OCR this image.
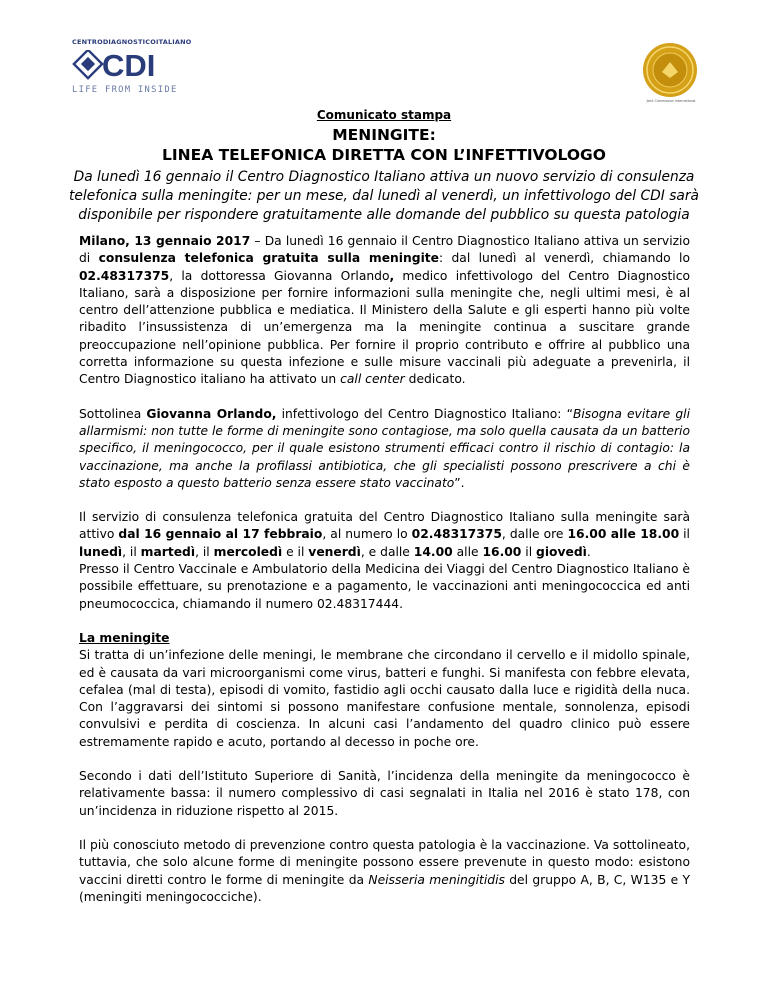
CENTRODIAGNOSTICOITALIANO
CDI
LIFE FROM INSIDE
Joint Commission International
Comunicato stampa
MENINGITE:
LINEA TELEFONICA DIRETTA CON L’INFETTIVOLOGO
Da lunedì 16 gennaio il Centro Diagnostico Italiano attiva un nuovo servizio di consulenza telefonica sulla meningite: per un mese, dal lunedì al venerdì, un infettivologo del CDI sarà disponibile per rispondere gratuitamente alle domande del pubblico su questa patologia

Milano, 13 gennaio 2017 – Da lunedì 16 gennaio il Centro Diagnostico Italiano attiva un servizio di consulenza telefonica gratuita sulla meningite: dal lunedì al venerdì, chiamando lo 02.48317375, la dottoressa Giovanna Orlando, medico infettivologo del Centro Diagnostico Italiano, sarà a disposizione per fornire informazioni sulla meningite che, negli ultimi mesi, è al centro dell’attenzione pubblica e mediatica. Il Ministero della Salute e gli esperti hanno più volte ribadito l’insussistenza di un’emergenza ma la meningite continua a suscitare grande preoccupazione nell’opinione pubblica. Per fornire il proprio contributo e offrire al pubblico una corretta informazione su questa infezione e sulle misure vaccinali più adeguate a prevenirla, il Centro Diagnostico italiano ha attivato un call center dedicato.

Sottolinea Giovanna Orlando, infettivologo del Centro Diagnostico Italiano: “Bisogna evitare gli allarmismi: non tutte le forme di meningite sono contagiose, ma solo quella causata da un batterio specifico, il meningococco, per il quale esistono strumenti efficaci contro il rischio di contagio: la vaccinazione, ma anche la profilassi antibiotica, che gli specialisti possono prescrivere a chi è stato esposto a questo batterio senza essere stato vaccinato”.

Il servizio di consulenza telefonica gratuita del Centro Diagnostico Italiano sulla meningite sarà attivo dal 16 gennaio al 17 febbraio, al numero lo 02.48317375, dalle ore 16.00 alle 18.00 il lunedì, il martedì, il mercoledì e il venerdì, e dalle 14.00 alle 16.00 il giovedì.
Presso il Centro Vaccinale e Ambulatorio della Medicina dei Viaggi del Centro Diagnostico Italiano è possibile effettuare, su prenotazione e a pagamento, le vaccinazioni anti meningococcica ed anti pneumococcica, chiamando il numero 02.48317444.

La meningite
Si tratta di un’infezione delle meningi, le membrane che circondano il cervello e il midollo spinale, ed è causata da vari microorganismi come virus, batteri e funghi. Si manifesta con febbre elevata, cefalea (mal di testa), episodi di vomito, fastidio agli occhi causato dalla luce e rigidità della nuca. Con l’aggravarsi dei sintomi si possono manifestare confusione mentale, sonnolenza, episodi convulsivi e perdita di coscienza. In alcuni casi l’andamento del quadro clinico può essere estremamente rapido e acuto, portando al decesso in poche ore.

Secondo i dati dell’Istituto Superiore di Sanità, l’incidenza della meningite da meningococco è relativamente bassa: il numero complessivo di casi segnalati in Italia nel 2016 è stato 178, con un’incidenza in riduzione rispetto al 2015.

Il più conosciuto metodo di prevenzione contro questa patologia è la vaccinazione. Va sottolineato, tuttavia, che solo alcune forme di meningite possono essere prevenute in questo modo: esistono vaccini diretti contro le forme di meningite da Neisseria meningitidis del gruppo A, B, C, W135 e Y (meningiti meningococciche).
